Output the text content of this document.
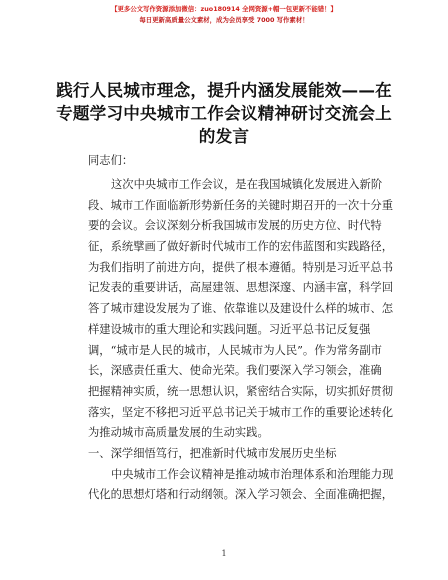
【更多公文写作资源添加微信：zuo180914 全网资源+帽一包更新不能错！】
每日更新高质量公文素材，成为会员享受 7000 写作素材！
践行人民城市理念，提升内涵发展能效——在
专题学习中央城市工作会议精神研讨交流会上
的发言
同志们：
这次中央城市工作会议，是在我国城镇化发展进入新阶
段、城市工作面临新形势新任务的关键时期召开的一次十分重
要的会议。会议深刻分析我国城市发展的历史方位、时代特
征，系统擘画了做好新时代城市工作的宏伟蓝图和实践路径，
为我们指明了前进方向，提供了根本遵循。特别是习近平总书
记发表的重要讲话，高屋建瓴、思想深邃、内涵丰富，科学回
答了城市建设发展为了谁、依靠谁以及建设什么样的城市、怎
样建设城市的重大理论和实践问题。习近平总书记反复强
调，“城市是人民的城市，人民城市为人民”。作为常务副市
长，深感责任重大、使命光荣。我们要深入学习领会，准确
把握精神实质，统一思想认识，紧密结合实际，切实抓好贯彻
落实，坚定不移把习近平总书记关于城市工作的重要论述转化
为推动城市高质量发展的生动实践。
一、深学细悟笃行，把准新时代城市发展历史坐标
中央城市工作会议精神是推动城市治理体系和治理能力现
代化的思想灯塔和行动纲领。深入学习领会、全面准确把握，
1
